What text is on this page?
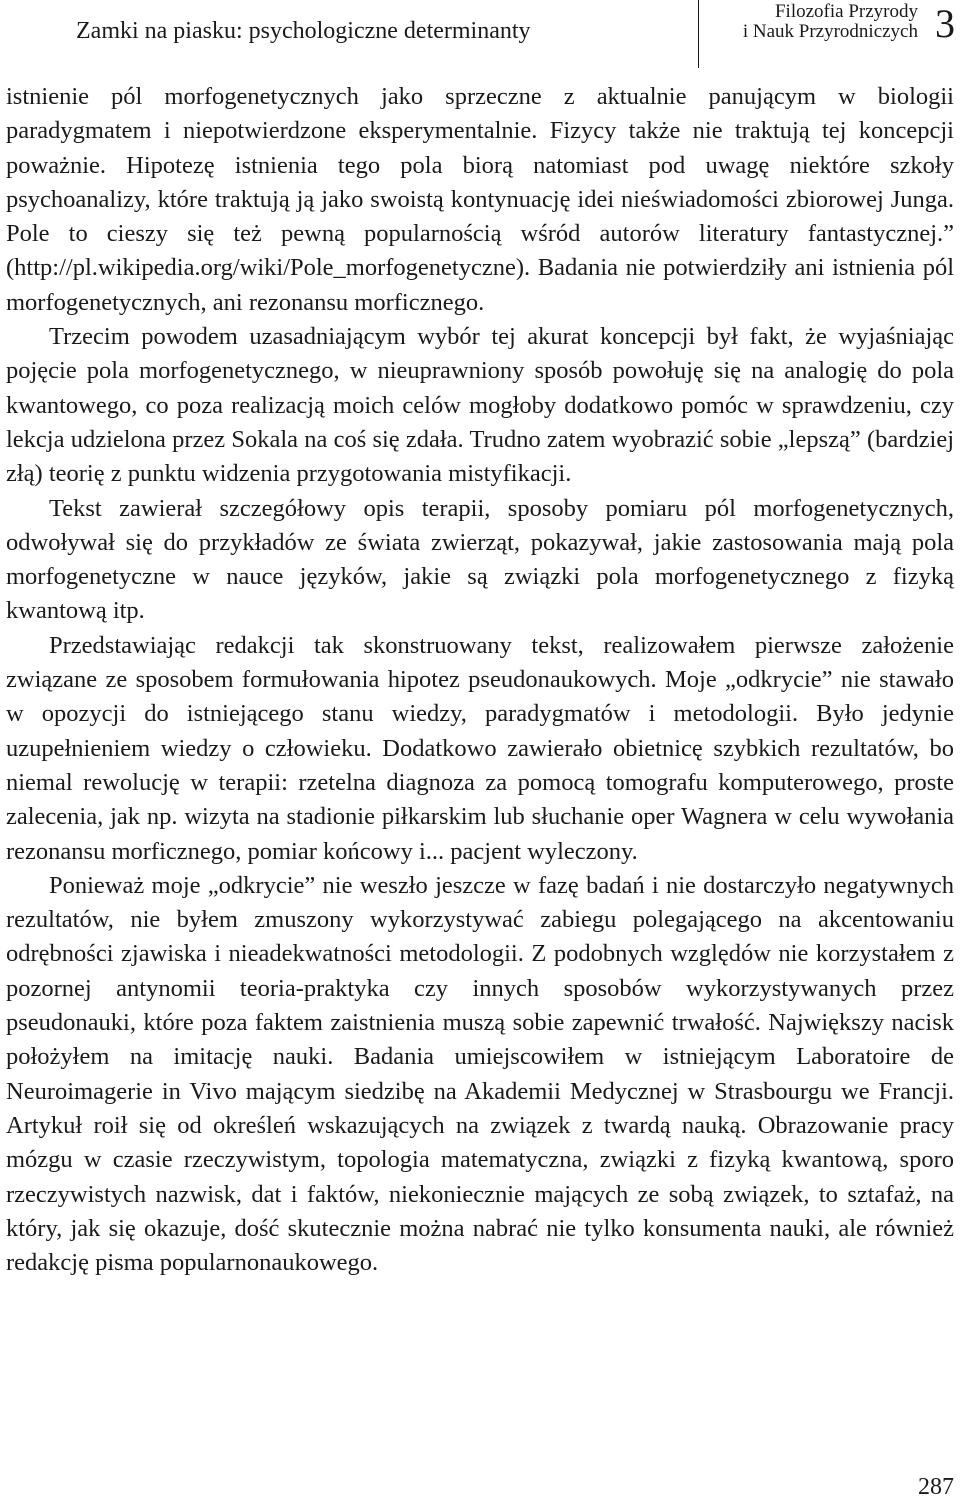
Zamki na piasku: psychologiczne determinanty
Filozofia Przyrody
i Nauk Przyrodniczych 3

istnienie pól morfogenetycznych jako sprzeczne z aktualnie panującym w biologii paradygmatem i niepotwierdzone eksperymentalnie. Fizycy także nie traktują tej koncepcji poważnie. Hipotezę istnienia tego pola biorą natomiast pod uwagę niektóre szkoły psychoanalizy, które traktują ją jako swoistą kontynuację idei nieświadomości zbiorowej Junga. Pole to cieszy się też pewną popularnością wśród autorów literatury fantastycznej.” (http://pl.wikipedia.org/wiki/Pole_morfogenetyczne). Badania nie potwierdziły ani istnienia pól morfogenetycznych, ani rezonansu morficznego.

Trzecim powodem uzasadniającym wybór tej akurat koncepcji był fakt, że wyjaśniając pojęcie pola morfogenetycznego, w nieuprawniony sposób powołuję się na analogię do pola kwantowego, co poza realizacją moich celów mogłoby dodatkowo pomóc w sprawdzeniu, czy lekcja udzielona przez Sokala na coś się zdała. Trudno zatem wyobrazić sobie „lepszą” (bardziej złą) teorię z punktu widzenia przygotowania mistyfikacji.

Tekst zawierał szczegółowy opis terapii, sposoby pomiaru pól morfogenetycznych, odwoływał się do przykładów ze świata zwierząt, pokazywał, jakie zastosowania mają pola morfogenetyczne w nauce języków, jakie są związki pola morfogenetycznego z fizyką kwantową itp.

Przedstawiając redakcji tak skonstruowany tekst, realizowałem pierwsze założenie związane ze sposobem formułowania hipotez pseudonaukowych. Moje „odkrycie” nie stawało w opozycji do istniejącego stanu wiedzy, paradygmatów i metodologii. Było jedynie uzupełnieniem wiedzy o człowieku. Dodatkowo zawierało obietnicę szybkich rezultatów, bo niemal rewolucję w terapii: rzetelna diagnoza za pomocą tomografu komputerowego, proste zalecenia, jak np. wizyta na stadionie piłkarskim lub słuchanie oper Wagnera w celu wywołania rezonansu morficznego, pomiar końcowy i... pacjent wyleczony.

Ponieważ moje „odkrycie” nie weszło jeszcze w fazę badań i nie dostarczyło negatywnych rezultatów, nie byłem zmuszony wykorzystywać zabiegu polegającego na akcentowaniu odrębności zjawiska i nieadekwatności metodologii. Z podobnych względów nie korzystałem z pozornej antynomii teoria-praktyka czy innych sposobów wykorzystywanych przez pseudonauki, które poza faktem zaistnienia muszą sobie zapewnić trwałość. Największy nacisk położyłem na imitację nauki. Badania umiejscowiłem w istniejącym Laboratoire de Neuroimagerie in Vivo mającym siedzibę na Akademii Medycznej w Strasbourgu we Francji. Artykuł roił się od określeń wskazujących na związek z twardą nauką. Obrazowanie pracy mózgu w czasie rzeczywistym, topologia matematyczna, związki z fizyką kwantową, sporo rzeczywistych nazwisk, dat i faktów, niekoniecznie mających ze sobą związek, to sztafaż, na który, jak się okazuje, dość skutecznie można nabrać nie tylko konsumenta nauki, ale również redakcję pisma popularnonaukowego.

287
